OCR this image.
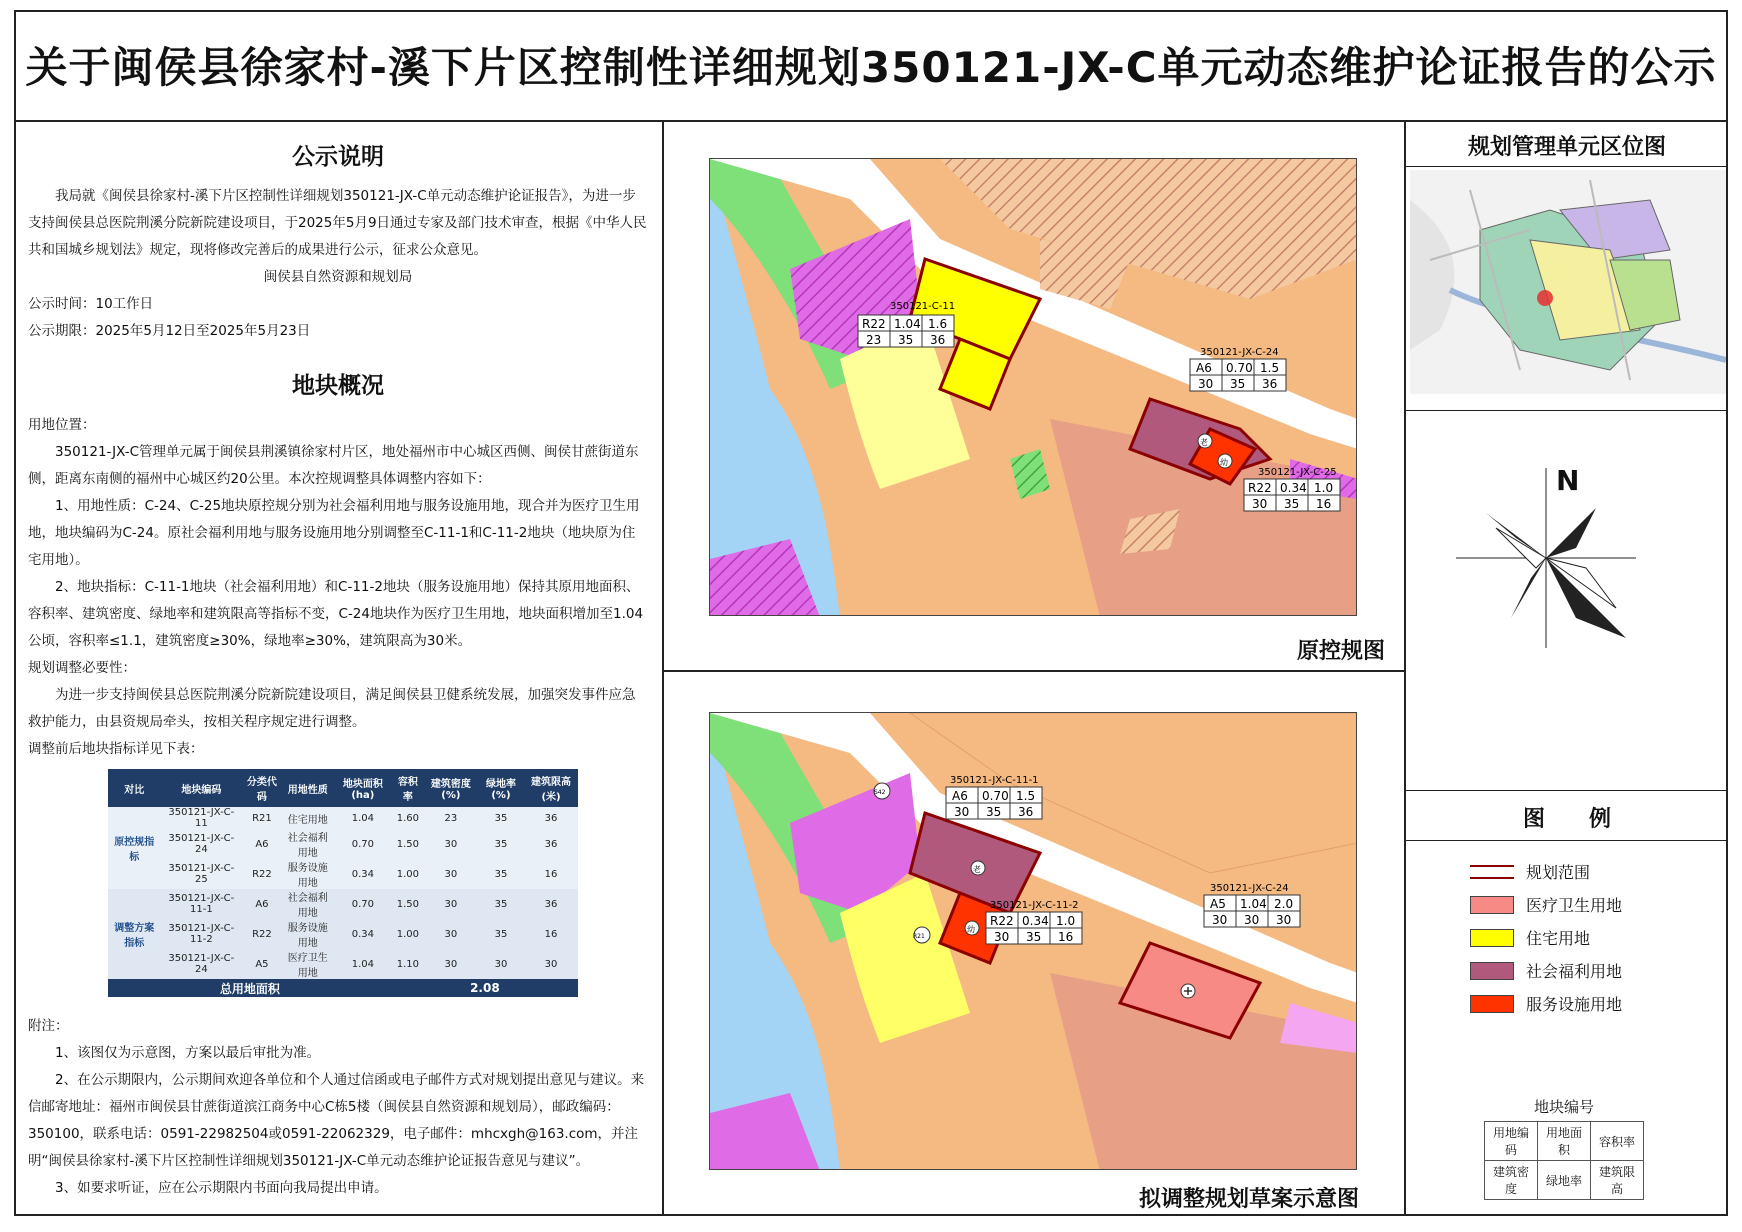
关于闽侯县徐家村-溪下片区控制性详细规划350121-JX-C单元动态维护论证报告的公示
公示说明

我局就《闽侯县徐家村-溪下片区控制性详细规划350121-JX-C单元动态维护论证报告》，为进一步支持闽侯县总医院荆溪分院新院建设项目，于2025年5月9日通过专家及部门技术审查，根据《中华人民共和国城乡规划法》规定，现将修改完善后的成果进行公示，征求公众意见。

闽侯县自然资源和规划局

公示时间：10工作日

公示期限：2025年5月12日至2025年5月23日

地块概况

用地位置：

350121-JX-C管理单元属于闽侯县荆溪镇徐家村片区，地处福州市中心城区西侧、闽侯甘蔗街道东侧，距离东南侧的福州中心城区约20公里。本次控规调整具体调整内容如下：

1、用地性质：C-24、C-25地块原控规分别为社会福利用地与服务设施用地，现合并为医疗卫生用地，地块编码为C-24。原社会福利用地与服务设施用地分别调整至C-11-1和C-11-2地块（地块原为住宅用地）。

2、地块指标：C-11-1地块（社会福利用地）和C-11-2地块（服务设施用地）保持其原用地面积、容积率、建筑密度、绿地率和建筑限高等指标不变，C-24地块作为医疗卫生用地，地块面积增加至1.04公顷，容积率≤1.1，建筑密度≥30%，绿地率≥30%，建筑限高为30米。

规划调整必要性：

为进一步支持闽侯县总医院荆溪分院新院建设项目，满足闽侯县卫健系统发展，加强突发事件应急救护能力，由县资规局牵头，按相关程序规定进行调整。

调整前后地块指标详见下表：

对比	地块编码	分类代码	用地性质	地块面积(ha)	容积率	建筑密度(%)	绿地率(%)	建筑限高(米)
原控规指标	350121-JX-C-11	R21	住宅用地	1.04	1.60	23	35	36
	350121-JX-C-24	A6	社会福利用地	0.70	1.50	30	35	36
	350121-JX-C-25	R22	服务设施用地	0.34	1.00	30	35	16
调整方案指标	350121-JX-C-11-1	A6	社会福利用地	0.70	1.50	30	35	36
	350121-JX-C-11-2	R22	服务设施用地	0.34	1.00	30	35	16
	350121-JX-C-24	A5	医疗卫生用地	1.04	1.10	30	30	30
总用地面积					2.08			

附注：

1、该图仅为示意图，方案以最后审批为准。

2、在公示期限内，公示期间欢迎各单位和个人通过信函或电子邮件方式对规划提出意见与建议。来信邮寄地址：福州市闽侯县甘蔗街道滨江商务中心C栋5楼（闽侯县自然资源和规划局），邮政编码：350100，联系电话：0591-22982504或0591-22062329，电子邮件：mhcxgh@163.com，并注明“闽侯县徐家村-溪下片区控制性详细规划350121-JX-C单元动态维护论证报告意见与建议”。

3、如要求听证，应在公示期限内书面向我局提出申请。

350121-C-11
R22 1.04 1.6
23 35 36
350121-JX-C-24
A6 0.70 1.5
30 35 36
350121-JX-C-25
R22 0.34 1.0
30 35 16
老
幼
原控规图
350121-JX-C-11-1
A6 0.70 1.5
30 35 36
350121-JX-C-11-2
R22 0.34 1.0
30 35 16
350121-JX-C-24
A5 1.04 2.0
30 30 30
老
幼
R21
S42
拟调整规划草案示意图
规划管理单元区位图
N
图　　例
规划范围
医疗卫生用地
住宅用地
社会福利用地
服务设施用地
地块编号
用地编码	用地面积	容积率
建筑密度	绿地率	建筑限高
